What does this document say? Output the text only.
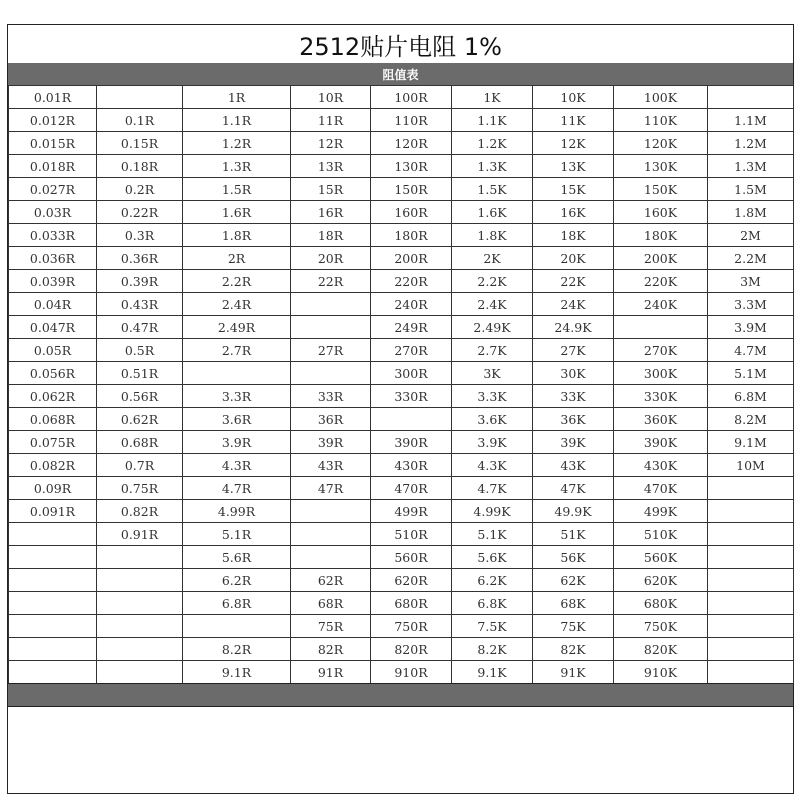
2512贴片电阻 1%
阻值表
0.01R		1R	10R	100R	1K	10K	100K	
0.012R	0.1R	1.1R	11R	110R	1.1K	11K	110K	1.1M
0.015R	0.15R	1.2R	12R	120R	1.2K	12K	120K	1.2M
0.018R	0.18R	1.3R	13R	130R	1.3K	13K	130K	1.3M
0.027R	0.2R	1.5R	15R	150R	1.5K	15K	150K	1.5M
0.03R	0.22R	1.6R	16R	160R	1.6K	16K	160K	1.8M
0.033R	0.3R	1.8R	18R	180R	1.8K	18K	180K	2M
0.036R	0.36R	2R	20R	200R	2K	20K	200K	2.2M
0.039R	0.39R	2.2R	22R	220R	2.2K	22K	220K	3M
0.04R	0.43R	2.4R		240R	2.4K	24K	240K	3.3M
0.047R	0.47R	2.49R		249R	2.49K	24.9K		3.9M
0.05R	0.5R	2.7R	27R	270R	2.7K	27K	270K	4.7M
0.056R	0.51R			300R	3K	30K	300K	5.1M
0.062R	0.56R	3.3R	33R	330R	3.3K	33K	330K	6.8M
0.068R	0.62R	3.6R	36R		3.6K	36K	360K	8.2M
0.075R	0.68R	3.9R	39R	390R	3.9K	39K	390K	9.1M
0.082R	0.7R	4.3R	43R	430R	4.3K	43K	430K	10M
0.09R	0.75R	4.7R	47R	470R	4.7K	47K	470K	
0.091R	0.82R	4.99R		499R	4.99K	49.9K	499K	
	0.91R	5.1R		510R	5.1K	51K	510K	
		5.6R		560R	5.6K	56K	560K	
		6.2R	62R	620R	6.2K	62K	620K	
		6.8R	68R	680R	6.8K	68K	680K	
			75R	750R	7.5K	75K	750K	
		8.2R	82R	820R	8.2K	82K	820K	
		9.1R	91R	910R	9.1K	91K	910K	
